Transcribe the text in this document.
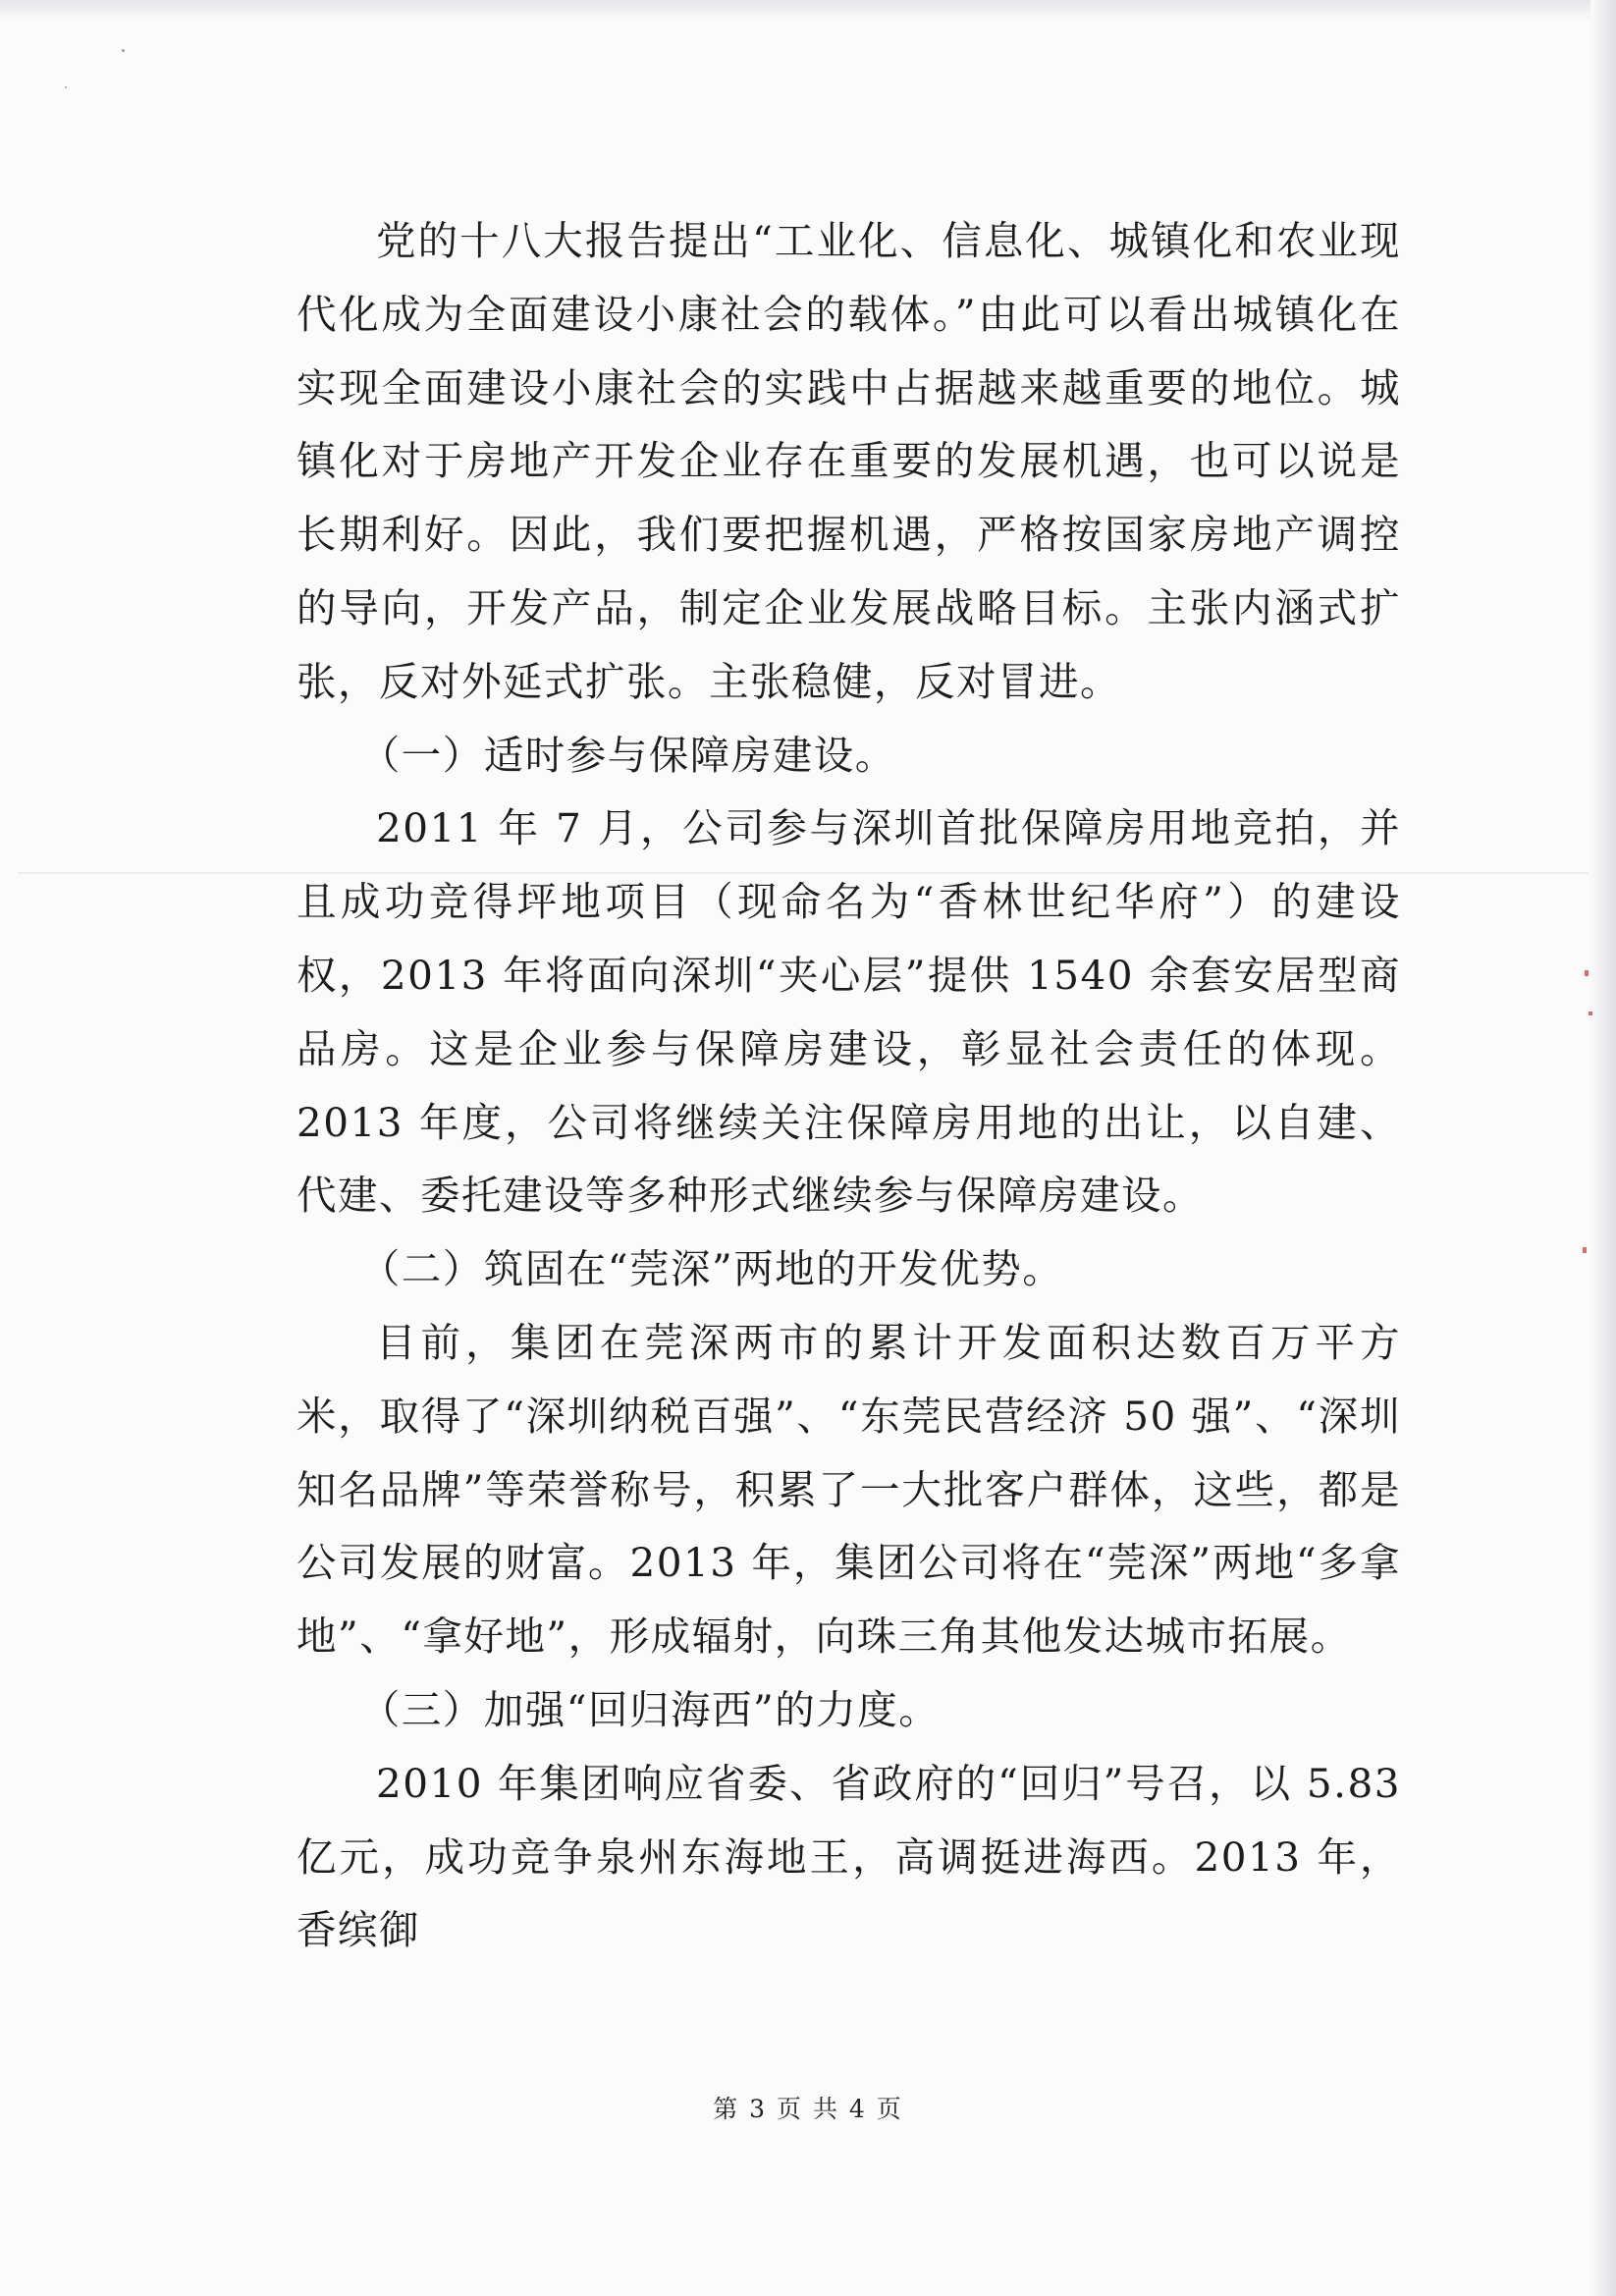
党的十八大报告提出“工业化、信息化、城镇化和农业现代化成为全面建设小康社会的载体。”由此可以看出城镇化在实现全面建设小康社会的实践中占据越来越重要的地位。城镇化对于房地产开发企业存在重要的发展机遇，也可以说是长期利好。因此，我们要把握机遇，严格按国家房地产调控的导向，开发产品，制定企业发展战略目标。主张内涵式扩张，反对外延式扩张。主张稳健，反对冒进。

（一）适时参与保障房建设。

2011 年 7 月，公司参与深圳首批保障房用地竞拍，并且成功竞得坪地项目（现命名为“香林世纪华府”）的建设权，2013 年将面向深圳“夹心层”提供 1540 余套安居型商品房。这是企业参与保障房建设，彰显社会责任的体现。2013 年度，公司将继续关注保障房用地的出让，以自建、代建、委托建设等多种形式继续参与保障房建设。

（二）筑固在“莞深”两地的开发优势。

目前，集团在莞深两市的累计开发面积达数百万平方米，取得了“深圳纳税百强”、“东莞民营经济 50 强”、“深圳知名品牌”等荣誉称号，积累了一大批客户群体，这些，都是公司发展的财富。2013 年，集团公司将在“莞深”两地“多拿地”、“拿好地”，形成辐射，向珠三角其他发达城市拓展。

（三）加强“回归海西”的力度。

2010 年集团响应省委、省政府的“回归”号召，以 5.83 亿元，成功竞争泉州东海地王，高调挺进海西。2013 年，香缤御

第 3 页 共 4 页
